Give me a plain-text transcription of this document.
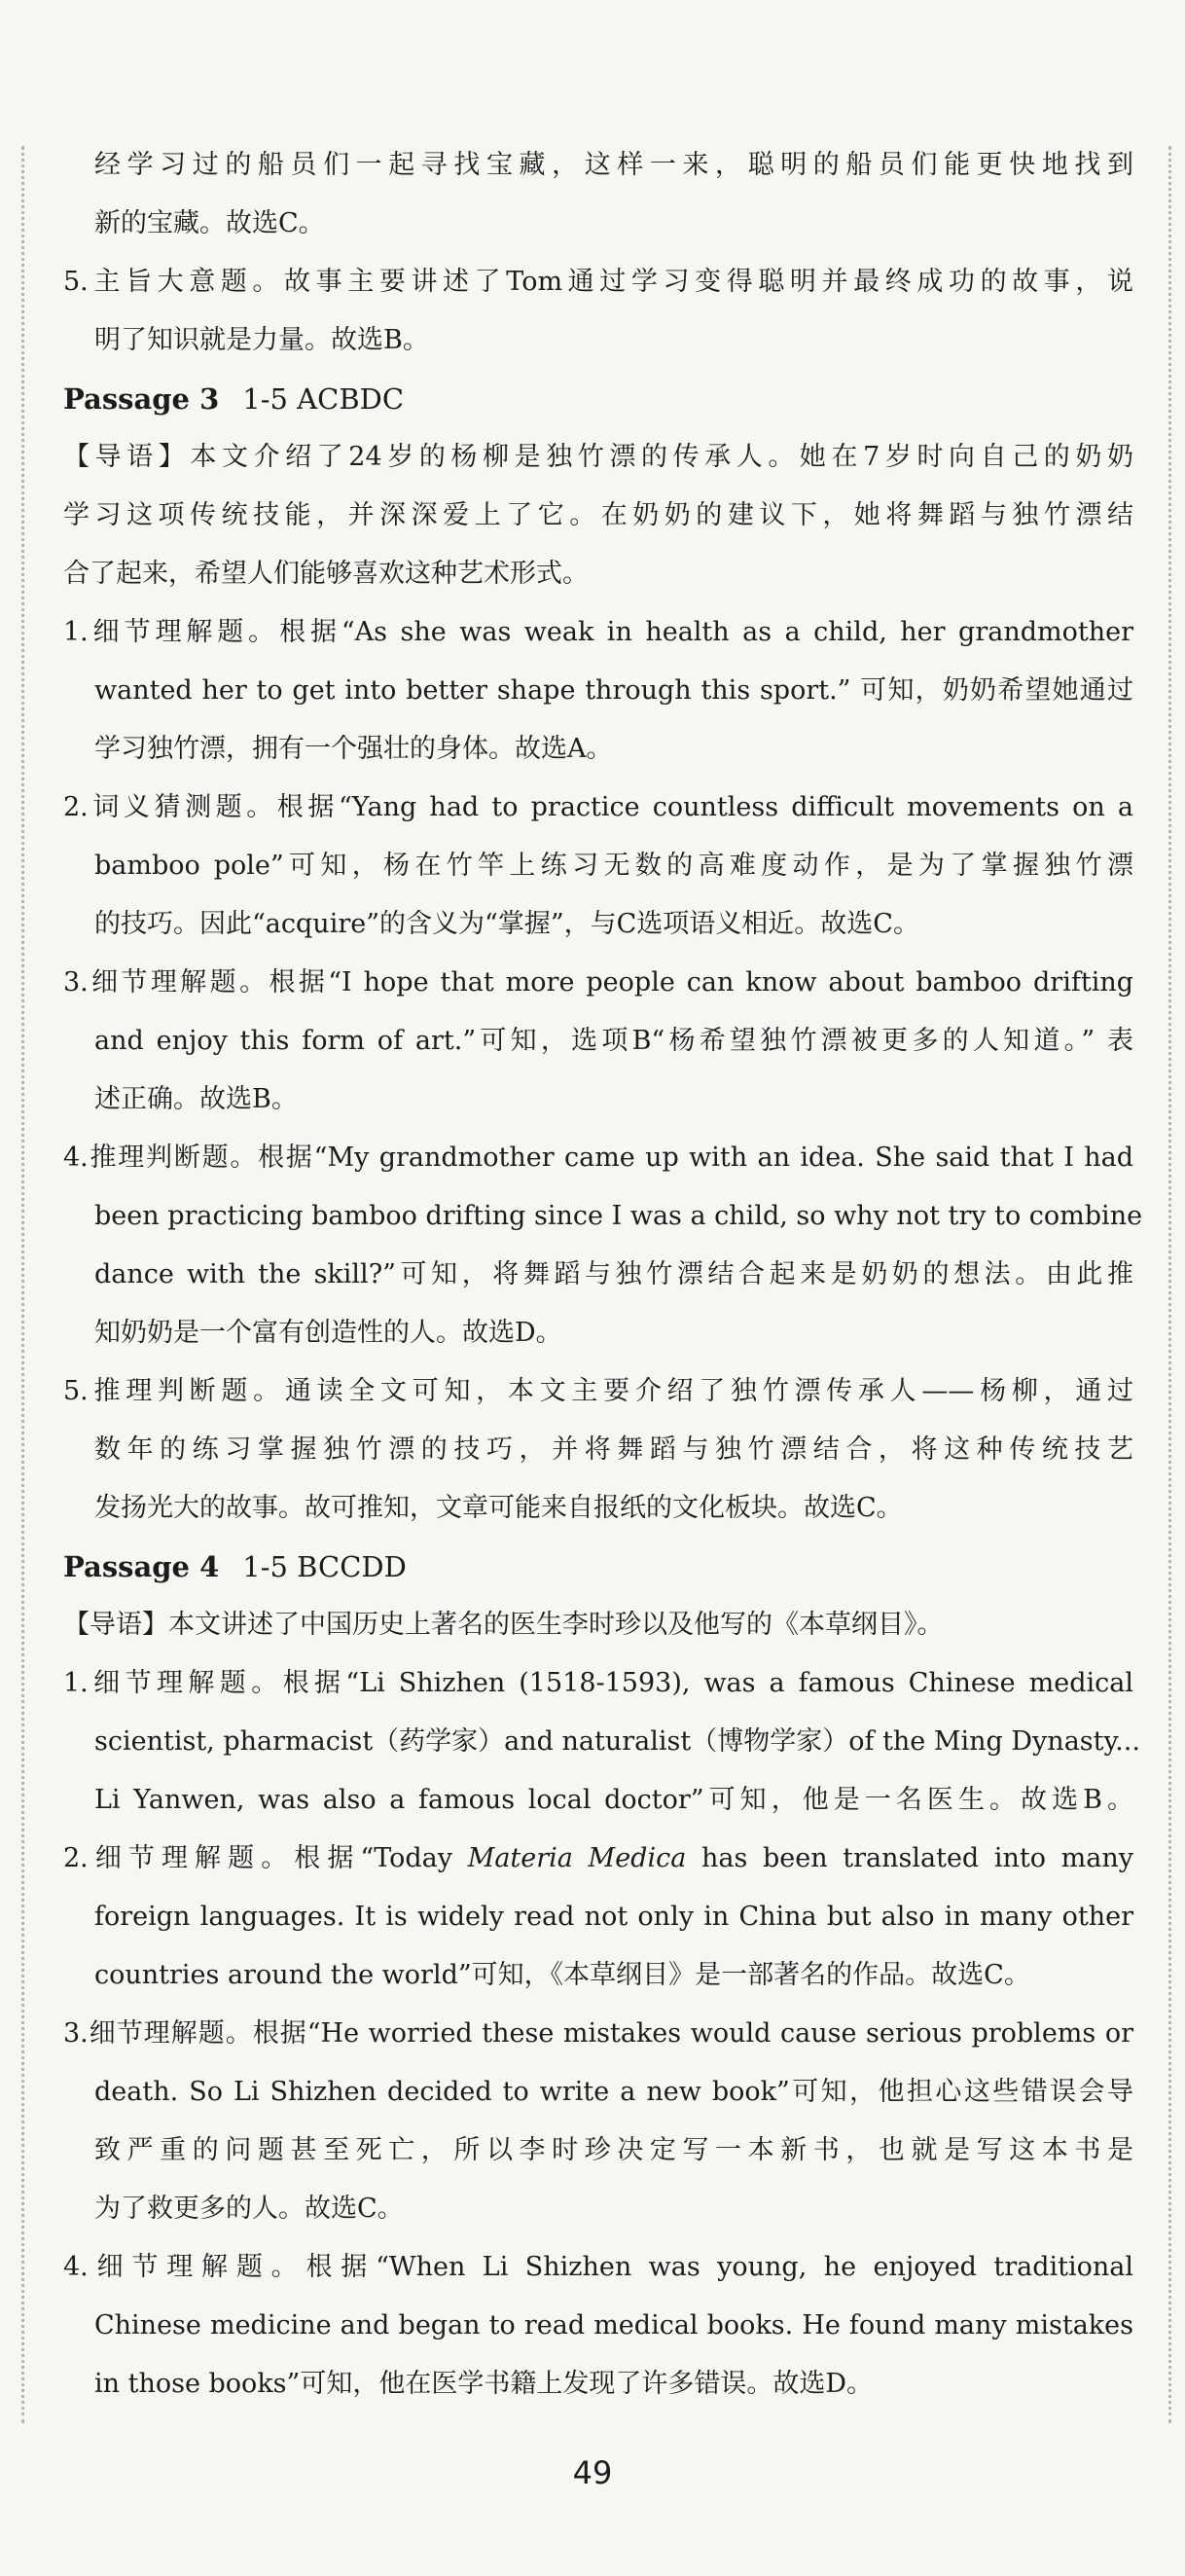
经学习过的船员们一起寻找宝藏，这样一来，聪明的船员们能更快地找到
新的宝藏。故选C。
5.主旨大意题。故事主要讲述了Tom通过学习变得聪明并最终成功的故事，说
明了知识就是力量。故选B。
Passage 3 1-5 ACBDC
【导语】本文介绍了24岁的杨柳是独竹漂的传承人。她在7岁时向自己的奶奶
学习这项传统技能，并深深爱上了它。在奶奶的建议下，她将舞蹈与独竹漂结
合了起来，希望人们能够喜欢这种艺术形式。
1.细节理解题。根据“As she was weak in health as a child, her grandmother
wanted her to get into better shape through this sport.” 可知，奶奶希望她通过
学习独竹漂，拥有一个强壮的身体。故选A。
2.词义猜测题。根据“Yang had to practice countless difficult movements on a
bamboo pole”可知，杨在竹竿上练习无数的高难度动作，是为了掌握独竹漂
的技巧。因此“acquire”的含义为“掌握”，与C选项语义相近。故选C。
3.细节理解题。根据“I hope that more people can know about bamboo drifting
and enjoy this form of art.”可知，选项B“杨希望独竹漂被更多的人知道。” 表
述正确。故选B。
4.推理判断题。根据“My grandmother came up with an idea. She said that I had
been practicing bamboo drifting since I was a child, so why not try to combine
dance with the skill?”可知，将舞蹈与独竹漂结合起来是奶奶的想法。由此推
知奶奶是一个富有创造性的人。故选D。
5.推理判断题。通读全文可知，本文主要介绍了独竹漂传承人——杨柳，通过
数年的练习掌握独竹漂的技巧，并将舞蹈与独竹漂结合，将这种传统技艺
发扬光大的故事。故可推知，文章可能来自报纸的文化板块。故选C。
Passage 4 1-5 BCCDD
【导语】本文讲述了中国历史上著名的医生李时珍以及他写的《本草纲目》。
1.细节理解题。根据“Li Shizhen (1518-1593), was a famous Chinese medical
scientist, pharmacist（药学家）and naturalist（博物学家）of the Ming Dynasty...
Li Yanwen, was also a famous local doctor”可知，他是一名医生。故选B。
2.细节理解题。根据“Today Materia Medica has been translated into many
foreign languages. It is widely read not only in China but also in many other
countries around the world”可知，《本草纲目》是一部著名的作品。故选C。
3.细节理解题。根据“He worried these mistakes would cause serious problems or
death. So Li Shizhen decided to write a new book”可知，他担心这些错误会导
致严重的问题甚至死亡，所以李时珍决定写一本新书，也就是写这本书是
为了救更多的人。故选C。
4.细节理解题。根据“When Li Shizhen was young, he enjoyed traditional
Chinese medicine and began to read medical books. He found many mistakes
in those books”可知，他在医学书籍上发现了许多错误。故选D。
49
